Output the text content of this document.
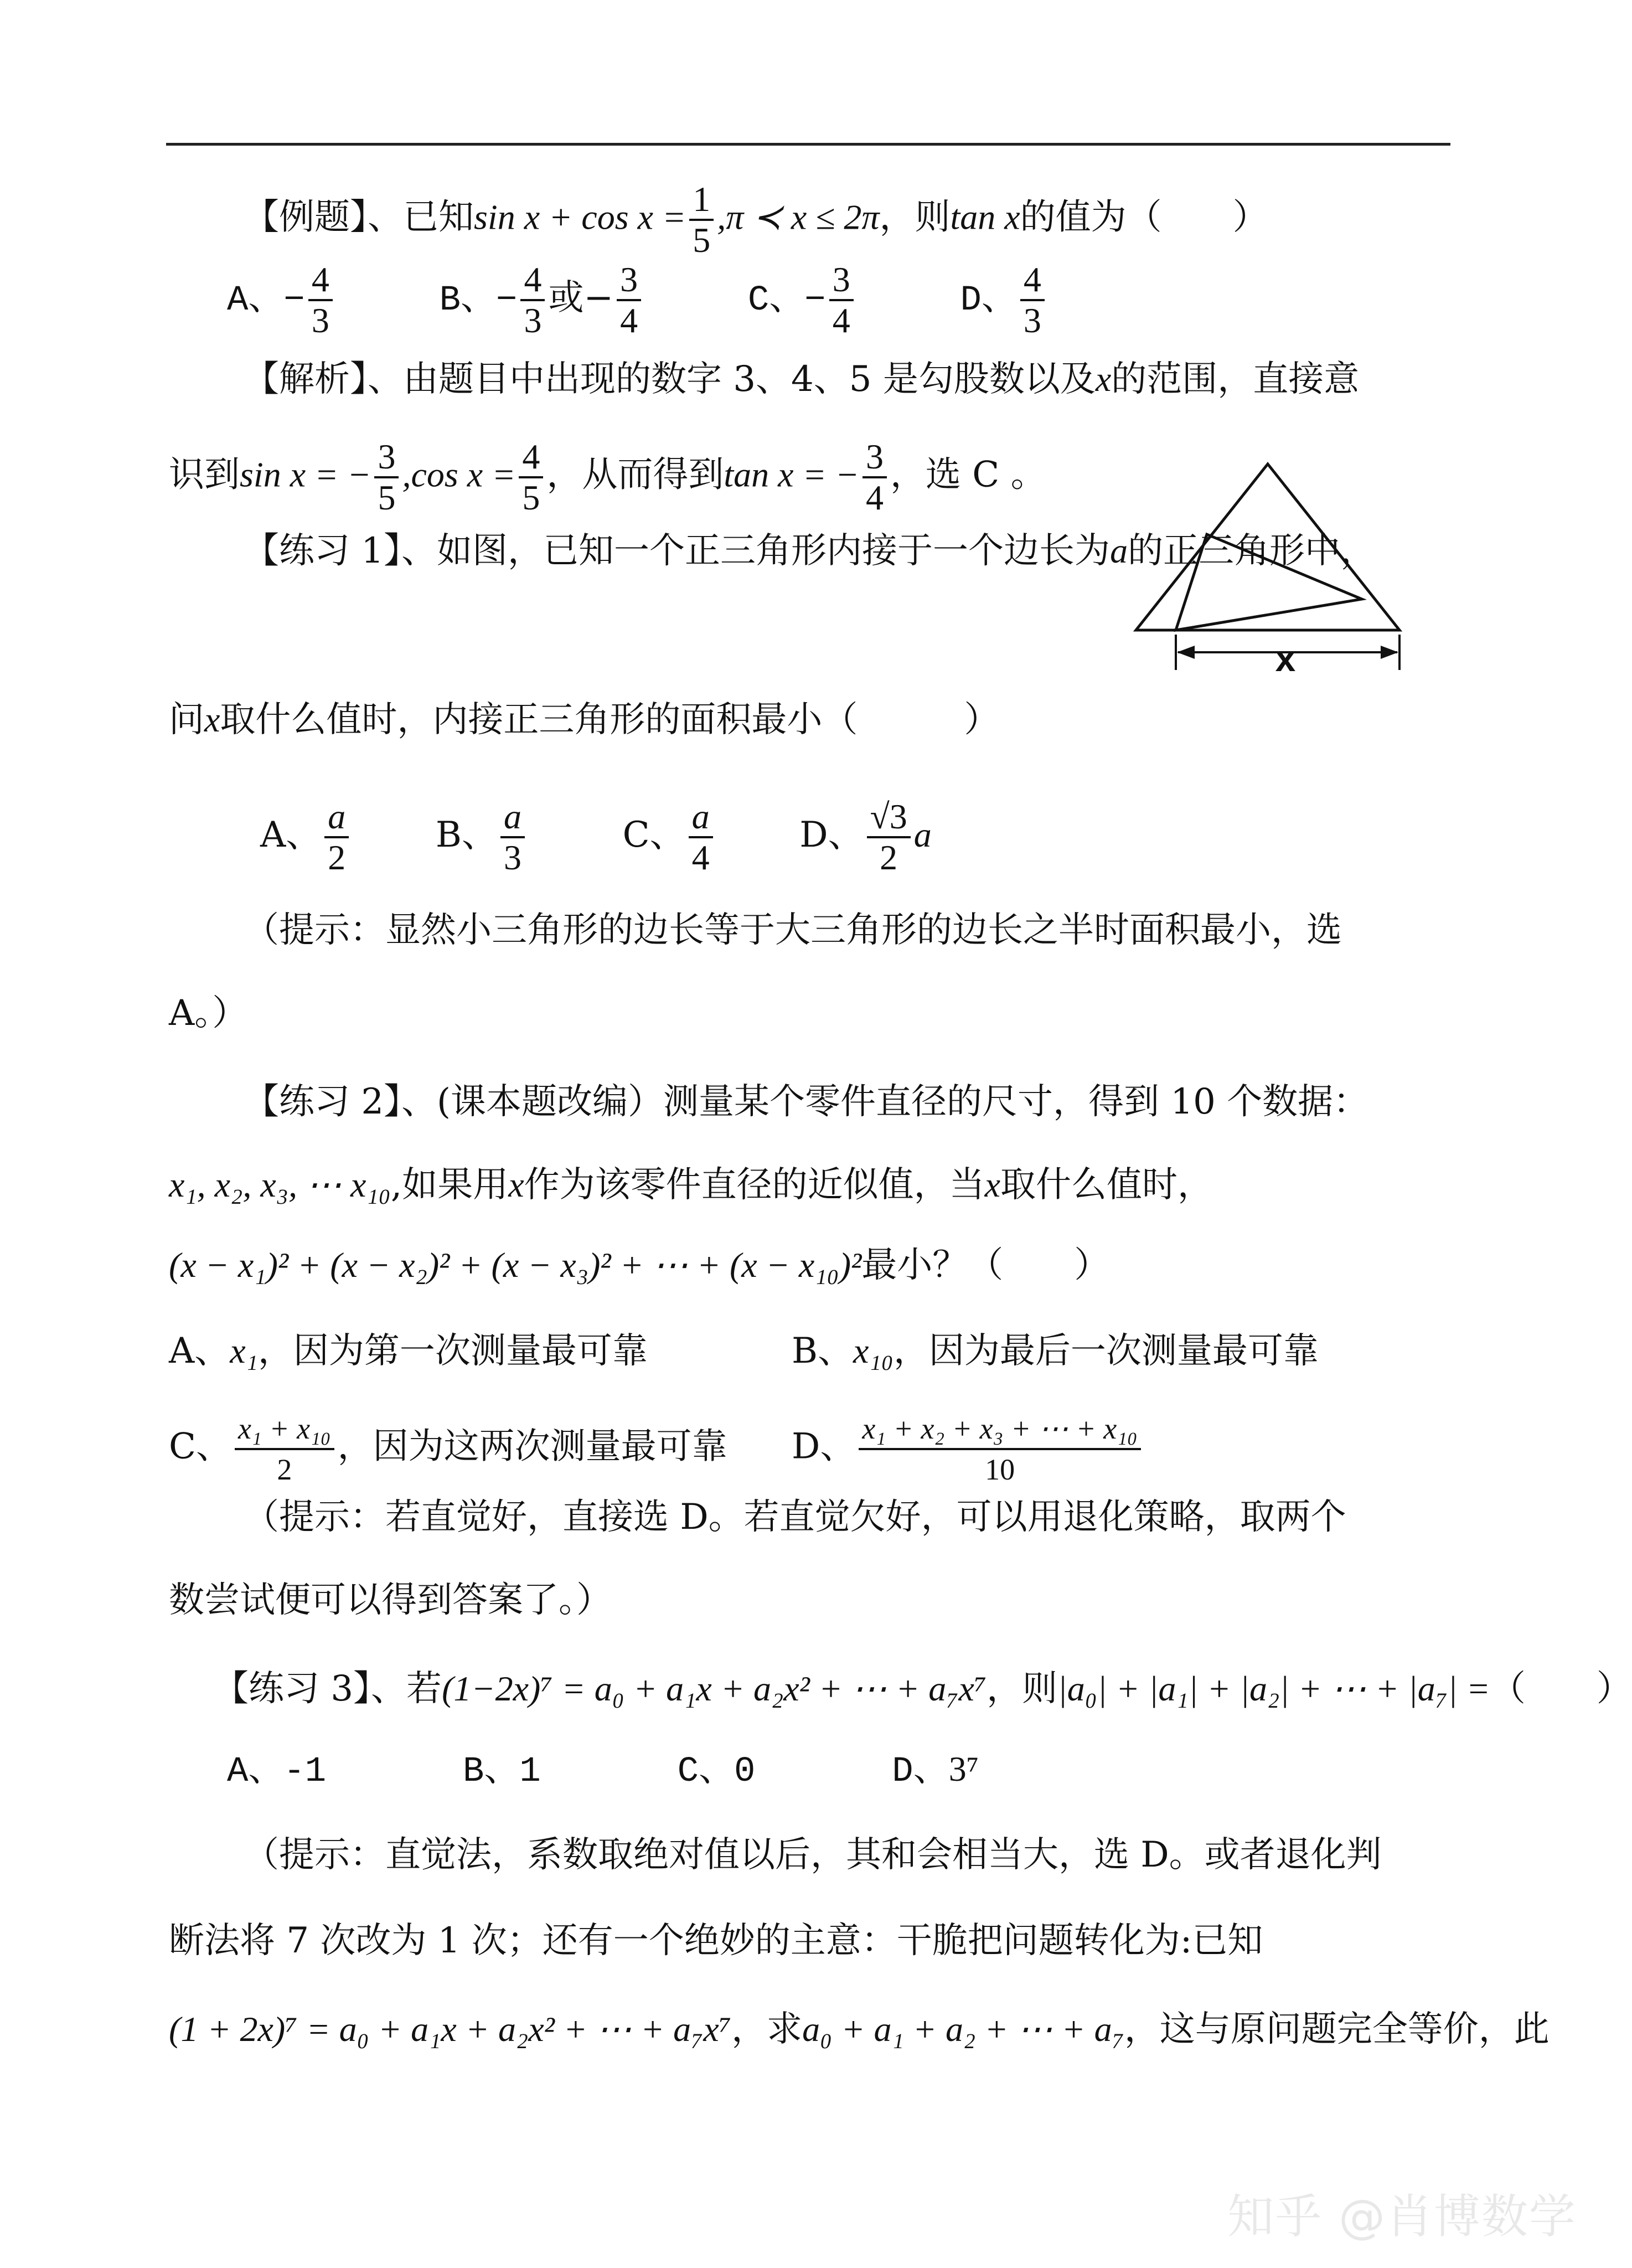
【例题】、已知$\sin x + \cos x = \frac{1}{5} ,\pi$ ≺ x ≤ 2π，则tan x的值为（　　）
A、− $\frac{4}{3}$	B、− $\frac{4}{3}$ 或− $\frac{3}{4}$	C、− $\frac{3}{4}$	D、 $\frac{4}{3}$
【解析】、由题目中出现的数字 3、4、5 是勾股数以及x的范围，直接意
识到sin x = − $\frac{3}{5} ,\cos$ $x = \frac{4}{5}$ ，从而得到tan x = − $\frac{3}{4}$ ，选 C 。
【练习 1】、如图，已知一个正三角形内接于一个边长为a的正三角形中，
x
问x取什么值时，内接正三角形的面积最小（　　　）
A、 $\frac{a}{2}$ B、 $\frac{a}{3}$	C、 $\frac{a}{4}$ D、 $\frac{√3}{2}$ a
（提示：显然小三角形的边长等于大三角形的边长之半时面积最小，选
A。）
【练习 2】、(课本题改编）测量某个零件直径的尺寸，得到 10 个数据：
x₁, x₂, x₃, ⋯ x₁₀,如果用x作为该零件直径的近似值，当x取什么值时，
(x − x₁)² + (x − x₂)² + (x − x₃)² + ⋯ + (x − x₁₀)²最小？（　　）
A、x₁，因为第一次测量最可靠	B、x₁₀，因为最后一次测量最可靠
C、 $\frac{\text{x₁ + x₁₀}}{2}$ ，因为这两次测量最可靠 D、 $\frac{\text{x₁ + x₂ + x₃ + ⋯ + x₁₀}}{10}$
（提示：若直觉好，直接选 D。若直觉欠好，可以用退化策略，取两个
数尝试便可以得到答案了。）
【练习 3】、若(1−2x)⁷ = a₀ + a₁x + a₂x² + ⋯ + a₇x⁷，则|a₀| + |a₁| + |a₂| + ⋯ + |a₇| =（　　）
A、-1	B、1	C、0	D、3⁷
（提示：直觉法，系数取绝对值以后，其和会相当大，选 D。或者退化判
断法将 7 次改为 1 次；还有一个绝妙的主意：干脆把问题转化为:已知
(1 + 2x)⁷ = a₀ + a₁x + a₂x² + ⋯ + a₇x⁷，求a₀ + a₁ + a₂ + ⋯ + a₇，这与原问题完全等价，此
知乎 @肖博数学
